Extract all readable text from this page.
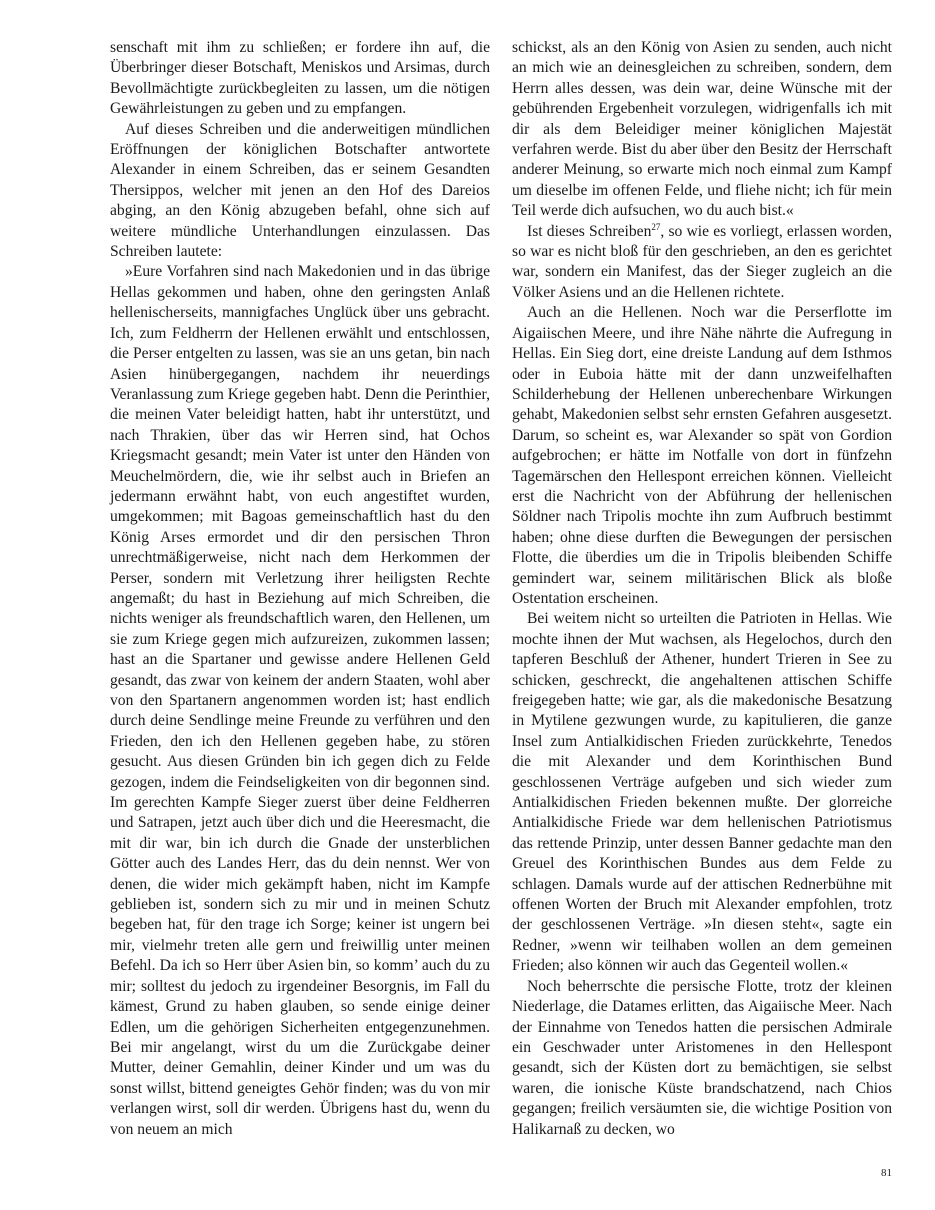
senschaft mit ihm zu schließen; er fordere ihn auf, die Überbringer dieser Botschaft, Meniskos und Arsimas, durch Bevollmächtigte zurückbegleiten zu lassen, um die nötigen Gewährleistungen zu geben und zu empfangen.

Auf dieses Schreiben und die anderweitigen mündlichen Eröffnungen der königlichen Botschafter antwortete Alexander in einem Schreiben, das er seinem Gesandten Thersippos, welcher mit jenen an den Hof des Dareios abging, an den König abzugeben befahl, ohne sich auf weitere mündliche Unterhandlungen einzulassen. Das Schreiben lautete:

»Eure Vorfahren sind nach Makedonien und in das übrige Hellas gekommen und haben, ohne den geringsten Anlaß hellenischerseits, mannigfaches Unglück über uns gebracht. Ich, zum Feldherrn der Hellenen erwählt und entschlossen, die Perser entgelten zu lassen, was sie an uns getan, bin nach Asien hinübergegangen, nachdem ihr neuerdings Veranlassung zum Kriege gegeben habt. Denn die Perinthier, die meinen Vater beleidigt hatten, habt ihr unterstützt, und nach Thrakien, über das wir Herren sind, hat Ochos Kriegsmacht gesandt; mein Vater ist unter den Händen von Meuchelmördern, die, wie ihr selbst auch in Briefen an jedermann erwähnt habt, von euch angestiftet wurden, umgekommen; mit Bagoas gemeinschaftlich hast du den König Arses ermordet und dir den persischen Thron unrechtmäßigerweise, nicht nach dem Herkommen der Perser, sondern mit Verletzung ihrer heiligsten Rechte angemaßt; du hast in Beziehung auf mich Schreiben, die nichts weniger als freundschaftlich waren, den Hellenen, um sie zum Kriege gegen mich aufzureizen, zukommen lassen; hast an die Spartaner und gewisse andere Hellenen Geld gesandt, das zwar von keinem der andern Staaten, wohl aber von den Spartanern angenommen worden ist; hast endlich durch deine Sendlinge meine Freunde zu verführen und den Frieden, den ich den Hellenen gegeben habe, zu stören gesucht. Aus diesen Gründen bin ich gegen dich zu Felde gezogen, indem die Feindseligkeiten von dir begonnen sind. Im gerechten Kampfe Sieger zuerst über deine Feldherren und Satrapen, jetzt auch über dich und die Heeresmacht, die mit dir war, bin ich durch die Gnade der unsterblichen Götter auch des Landes Herr, das du dein nennst. Wer von denen, die wider mich gekämpft haben, nicht im Kampfe geblieben ist, sondern sich zu mir und in meinen Schutz begeben hat, für den trage ich Sorge; keiner ist ungern bei mir, vielmehr treten alle gern und freiwillig unter meinen Befehl. Da ich so Herr über Asien bin, so komm’ auch du zu mir; solltest du jedoch zu irgendeiner Besorgnis, im Fall du kämest, Grund zu haben glauben, so sende einige deiner Edlen, um die gehörigen Sicherheiten entgegenzunehmen. Bei mir angelangt, wirst du um die Zurückgabe deiner Mutter, deiner Gemahlin, deiner Kinder und um was du sonst willst, bittend geneigtes Gehör finden; was du von mir verlangen wirst, soll dir werden. Übrigens hast du, wenn du von neuem an mich

schickst, als an den König von Asien zu senden, auch nicht an mich wie an deinesgleichen zu schreiben, sondern, dem Herrn alles dessen, was dein war, deine Wünsche mit der gebührenden Ergebenheit vorzulegen, widrigenfalls ich mit dir als dem Beleidiger meiner königlichen Majestät verfahren werde. Bist du aber über den Besitz der Herrschaft anderer Meinung, so erwarte mich noch einmal zum Kampf um dieselbe im offenen Felde, und fliehe nicht; ich für mein Teil werde dich aufsuchen, wo du auch bist.«

Ist dieses Schreiben$^{27}$, so wie es vorliegt, erlassen worden, so war es nicht bloß für den geschrieben, an den es gerichtet war, sondern ein Manifest, das der Sieger zugleich an die Völker Asiens und an die Hellenen richtete.

Auch an die Hellenen. Noch war die Perserflotte im Aigaiischen Meere, und ihre Nähe nährte die Aufregung in Hellas. Ein Sieg dort, eine dreiste Landung auf dem Isthmos oder in Euboia hätte mit der dann unzweifelhaften Schilderhebung der Hellenen unberechenbare Wirkungen gehabt, Makedonien selbst sehr ernsten Gefahren ausgesetzt. Darum, so scheint es, war Alexander so spät von Gordion aufgebrochen; er hätte im Notfalle von dort in fünfzehn Tagemärschen den Hellespont erreichen können. Vielleicht erst die Nachricht von der Abführung der hellenischen Söldner nach Tripolis mochte ihn zum Aufbruch bestimmt haben; ohne diese durften die Bewegungen der persischen Flotte, die überdies um die in Tripolis bleibenden Schiffe gemindert war, seinem militärischen Blick als bloße Ostentation erscheinen.

Bei weitem nicht so urteilten die Patrioten in Hellas. Wie mochte ihnen der Mut wachsen, als Hegelochos, durch den tapferen Beschluß der Athener, hundert Trieren in See zu schicken, geschreckt, die angehaltenen attischen Schiffe freigegeben hatte; wie gar, als die makedonische Besatzung in Mytilene gezwungen wurde, zu kapitulieren, die ganze Insel zum Antialkidischen Frieden zurückkehrte, Tenedos die mit Alexander und dem Korinthischen Bund geschlossenen Verträge aufgeben und sich wieder zum Antialkidischen Frieden bekennen mußte. Der glorreiche Antialkidische Friede war dem hellenischen Patriotismus das rettende Prinzip, unter dessen Banner gedachte man den Greuel des Korinthischen Bundes aus dem Felde zu schlagen. Damals wurde auf der attischen Rednerbühne mit offenen Worten der Bruch mit Alexander empfohlen, trotz der geschlossenen Verträge. »In diesen steht«, sagte ein Redner, »wenn wir teilhaben wollen an dem gemeinen Frieden; also können wir auch das Gegenteil wollen.«

Noch beherrschte die persische Flotte, trotz der kleinen Niederlage, die Datames erlitten, das Aigaiische Meer. Nach der Einnahme von Tenedos hatten die persischen Admirale ein Geschwader unter Aristomenes in den Hellespont gesandt, sich der Küsten dort zu bemächtigen, sie selbst waren, die ionische Küste brandschatzend, nach Chios gegangen; freilich versäumten sie, die wichtige Position von Halikarnaß zu decken, wo

81
